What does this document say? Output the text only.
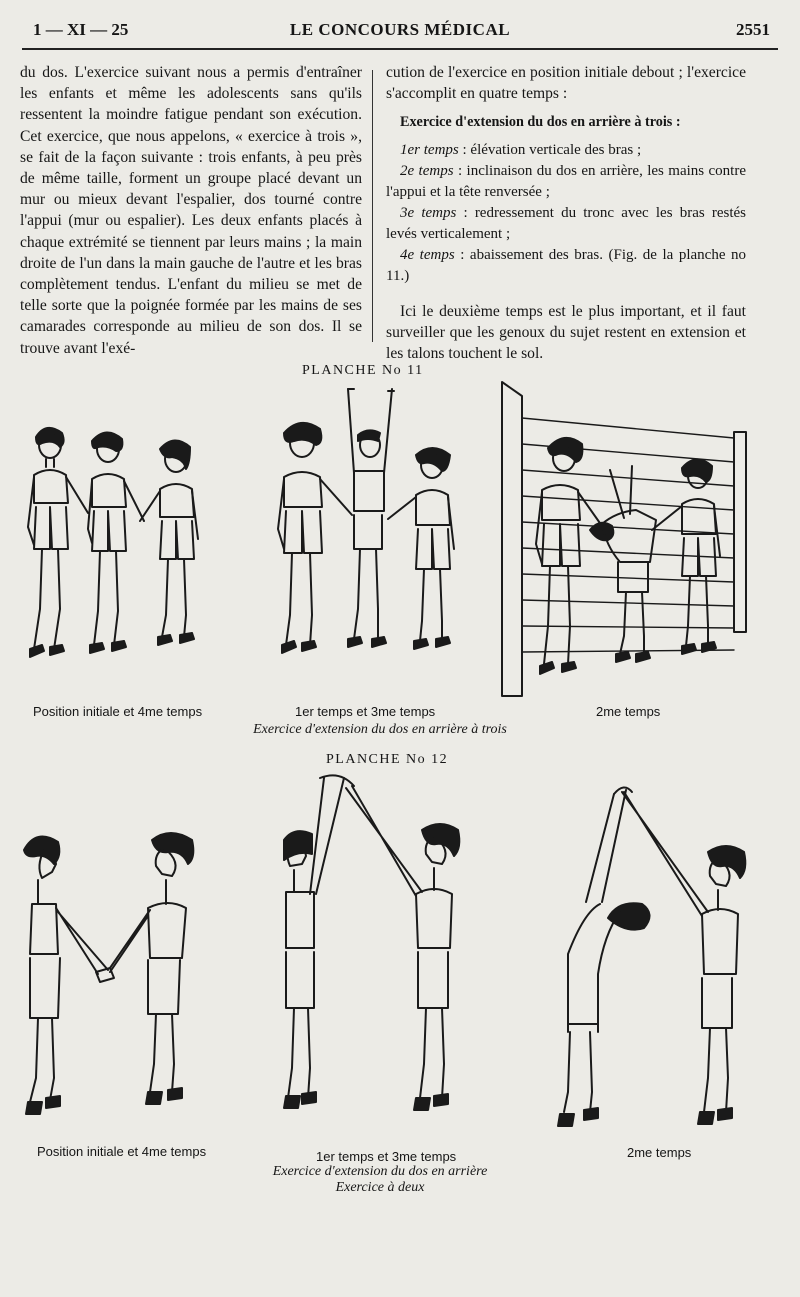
1 — XI — 25	LE CONCOURS MÉDICAL	2551

du dos. L'exercice suivant nous a permis d'entraîner les enfants et même les adolescents sans qu'ils ressentent la moindre fatigue pendant son exécution. Cet exercice, que nous appelons, « exercice à trois », se fait de la façon suivante : trois enfants, à peu près de même taille, forment un groupe placé devant un mur ou mieux devant l'espalier, dos tourné contre l'appui (mur ou espalier). Les deux enfants placés à chaque extrémité se tiennent par leurs mains ; la main droite de l'un dans la main gauche de l'autre et les bras complètement tendus. L'enfant du milieu se met de telle sorte que la poignée formée par les mains de ses camarades corresponde au milieu de son dos. Il se trouve avant l'exé-

cution de l'exercice en position initiale debout ; l'exercice s'accomplit en quatre temps :

Exercice d'extension du dos en arrière à trois :

1er temps : élévation verticale des bras ;

2e temps : inclinaison du dos en arrière, les mains contre l'appui et la tête renversée ;

3e temps : redressement du tronc avec les bras restés levés verticalement ;

4e temps : abaissement des bras. (Fig. de la planche no 11.)

Ici le deuxième temps est le plus important, et il faut surveiller que les genoux du sujet restent en extension et les talons touchent le sol.

PLANCHE No 11
Position initiale et 4me temps	1er temps et 3me temps	2me temps
Exercice d'extension du dos en arrière à trois
PLANCHE No 12
Position initiale et 4me temps	1er temps et 3me temps	2me temps
Exercice d'extension du dos en arrière
Exercice à deux
